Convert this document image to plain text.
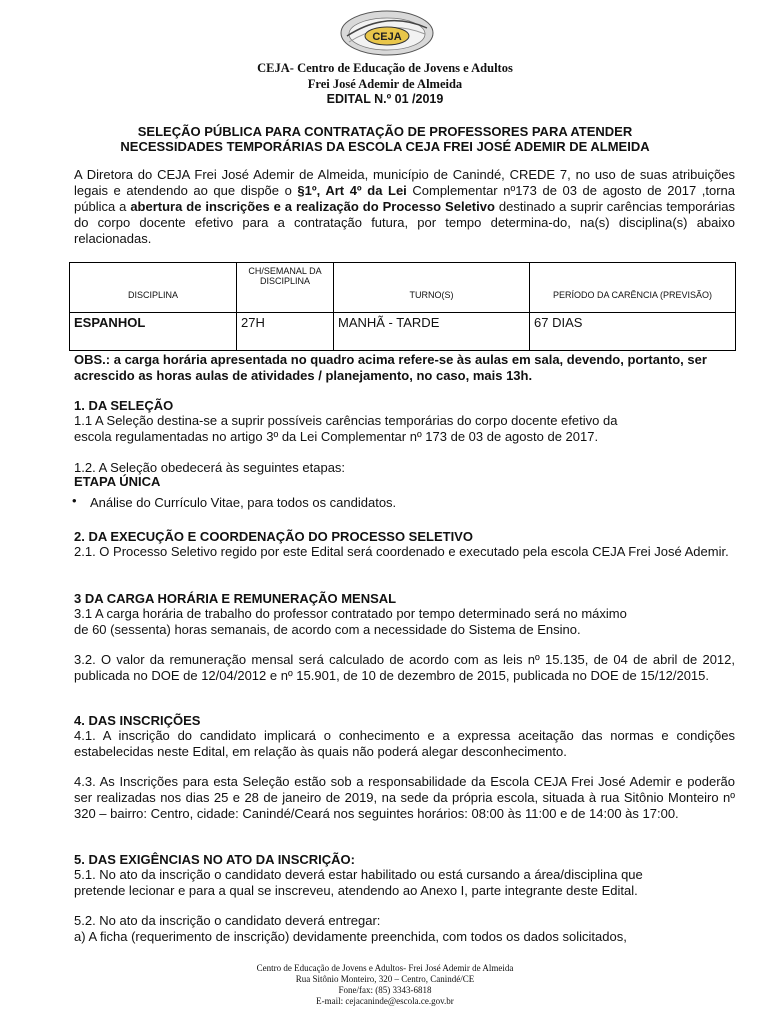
CEJA
CEJA- Centro de Educação de Jovens e Adultos
Frei José Ademir de Almeida
EDITAL N.º 01 /2019
SELEÇÃO PÚBLICA PARA CONTRATAÇÃO DE PROFESSORES PARA ATENDER
NECESSIDADES TEMPORÁRIAS DA ESCOLA CEJA FREI JOSÉ ADEMIR DE ALMEIDA
A Diretora do CEJA Frei José Ademir de Almeida, município de Canindé, CREDE 7, no uso de suas atribuições legais e atendendo ao que dispõe o §1º, Art 4º da Lei Complementar nº173 de 03 de agosto de 2017 ,torna pública a abertura de inscrições e a realização do Processo Seletivo destinado a suprir carências temporárias do corpo docente efetivo para a contratação futura, por tempo determina-do, na(s) disciplina(s) abaixo relacionadas.
DISCIPLINA	CH/SEMANAL DA DISCIPLINA	TURNO(S)	PERÍODO DA CARÊNCIA (PREVISÃO)
ESPANHOL	27H	MANHÃ - TARDE	67 DIAS
OBS.: a carga horária apresentada no quadro acima refere-se às aulas em sala, devendo, portanto, ser acrescido as horas aulas de atividades / planejamento, no caso, mais 13h.
1. DA SELEÇÃO
1.1 A Seleção destina-se a suprir possíveis carências temporárias do corpo docente efetivo da
escola regulamentadas no artigo 3º da Lei Complementar nº 173 de 03 de agosto de 2017.
1.2. A Seleção obedecerá às seguintes etapas:
ETAPA ÚNICA
• Análise do Currículo Vitae, para todos os candidatos.
2. DA EXECUÇÃO E COORDENAÇÃO DO PROCESSO SELETIVO
2.1. O Processo Seletivo regido por este Edital será coordenado e executado pela escola CEJA Frei José Ademir.
3 DA CARGA HORÁRIA E REMUNERAÇÃO MENSAL
3.1 A carga horária de trabalho do professor contratado por tempo determinado será no máximo
de 60 (sessenta) horas semanais, de acordo com a necessidade do Sistema de Ensino.
3.2. O valor da remuneração mensal será calculado de acordo com as leis nº 15.135, de 04 de abril de 2012, publicada no DOE de 12/04/2012 e nº 15.901, de 10 de dezembro de 2015, publicada no DOE de 15/12/2015.
4. DAS INSCRIÇÕES
4.1. A inscrição do candidato implicará o conhecimento e a expressa aceitação das normas e condições estabelecidas neste Edital, em relação às quais não poderá alegar desconhecimento.
4.3. As Inscrições para esta Seleção estão sob a responsabilidade da Escola CEJA Frei José Ademir e poderão ser realizadas nos dias 25 e 28 de janeiro de 2019, na sede da própria escola, situada à rua Sitônio Monteiro nº 320 – bairro: Centro, cidade: Canindé/Ceará nos seguintes horários: 08:00 às 11:00 e de 14:00 às 17:00.
5. DAS EXIGÊNCIAS NO ATO DA INSCRIÇÃO:
5.1. No ato da inscrição o candidato deverá estar habilitado ou está cursando a área/disciplina que
pretende lecionar e para a qual se inscreveu, atendendo ao Anexo I, parte integrante deste Edital.
5.2. No ato da inscrição o candidato deverá entregar:
a) A ficha (requerimento de inscrição) devidamente preenchida, com todos os dados solicitados,
Centro de Educação de Jovens e Adultos- Frei José Ademir de Almeida
Rua Sitônio Monteiro, 320 – Centro, Canindé/CE
Fone/fax: (85) 3343-6818
E-mail: cejacaninde@escola.ce.gov.br
